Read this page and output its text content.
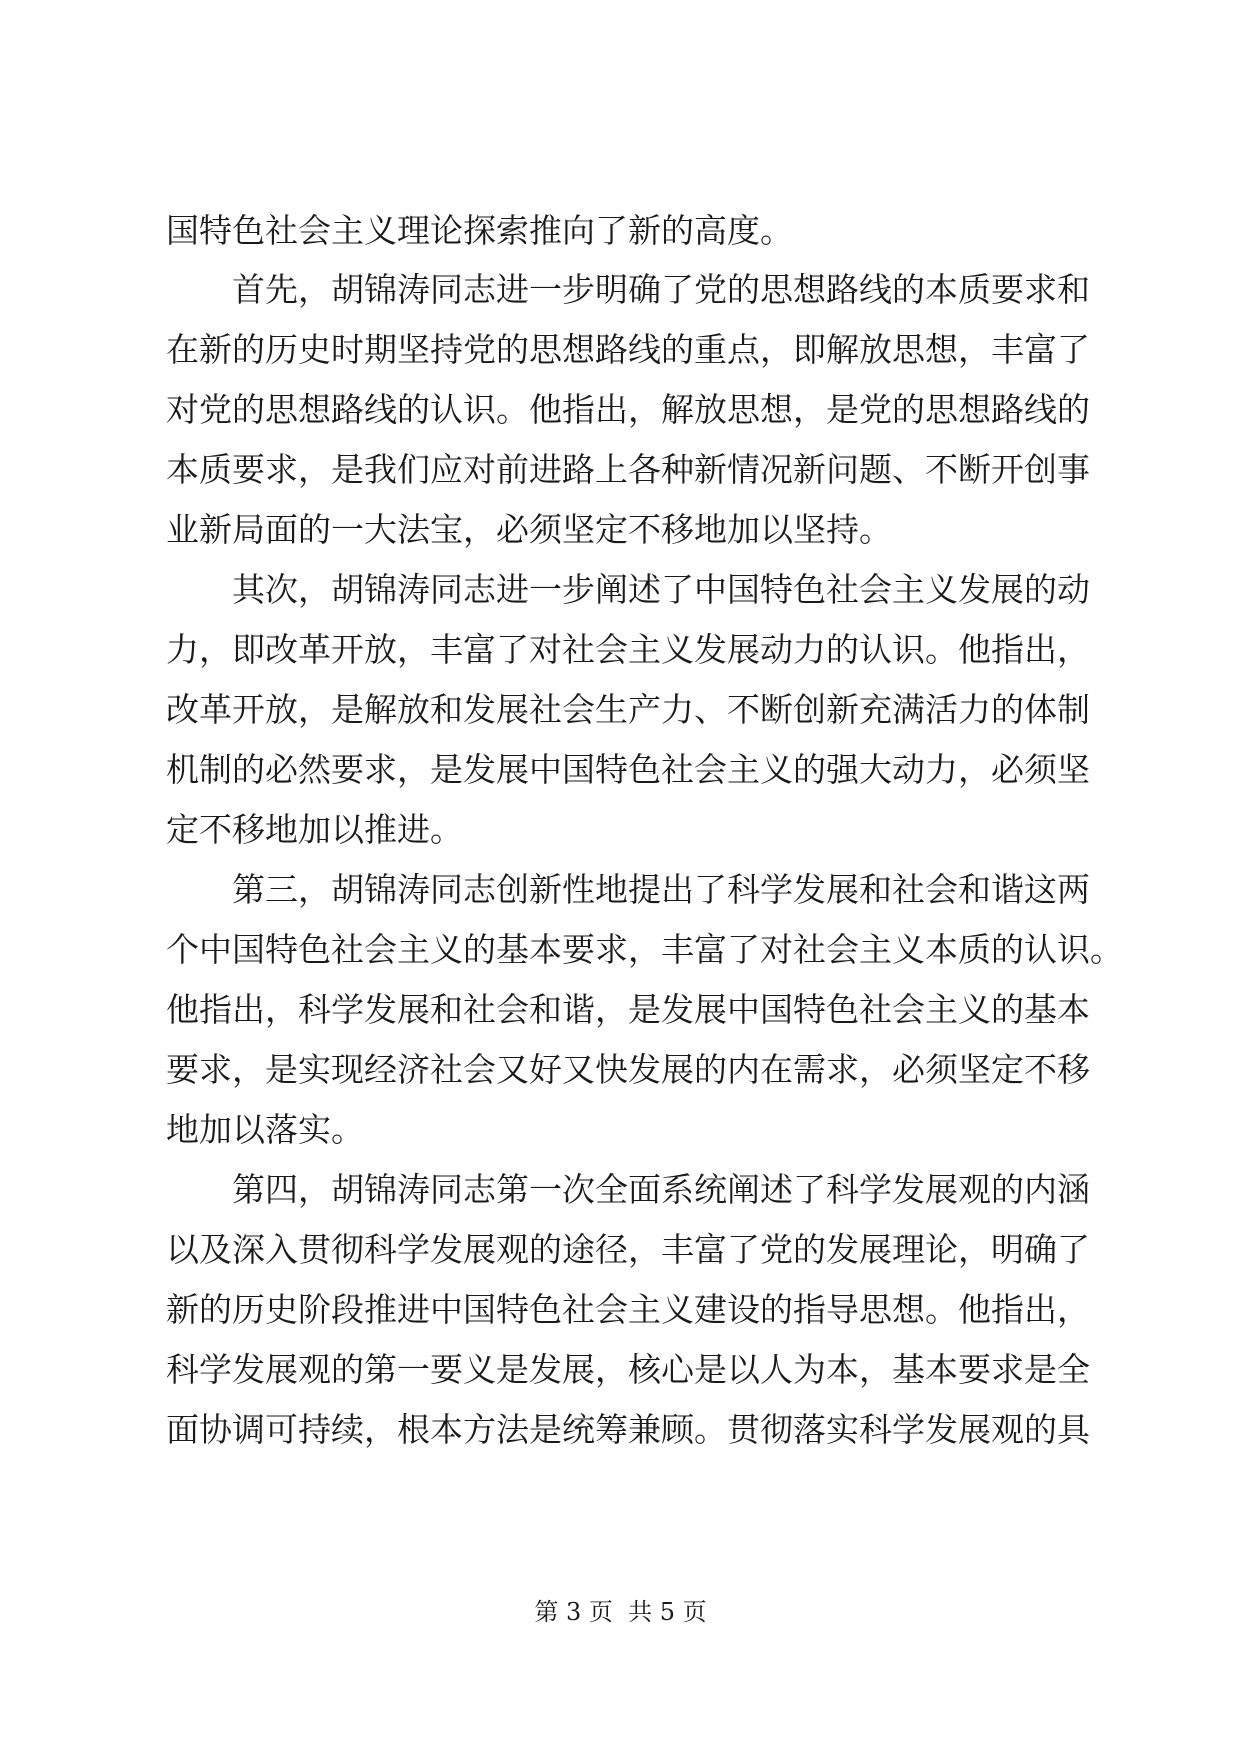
国特色社会主义理论探索推向了新的高度。
首先，胡锦涛同志进一步明确了党的思想路线的本质要求和
在新的历史时期坚持党的思想路线的重点，即解放思想，丰富了
对党的思想路线的认识。他指出，解放思想，是党的思想路线的
本质要求，是我们应对前进路上各种新情况新问题、不断开创事
业新局面的一大法宝，必须坚定不移地加以坚持。
其次，胡锦涛同志进一步阐述了中国特色社会主义发展的动
力，即改革开放，丰富了对社会主义发展动力的认识。他指出，
改革开放，是解放和发展社会生产力、不断创新充满活力的体制
机制的必然要求，是发展中国特色社会主义的强大动力，必须坚
定不移地加以推进。
第三，胡锦涛同志创新性地提出了科学发展和社会和谐这两
个中国特色社会主义的基本要求，丰富了对社会主义本质的认识。
他指出，科学发展和社会和谐，是发展中国特色社会主义的基本
要求，是实现经济社会又好又快发展的内在需求，必须坚定不移
地加以落实。
第四，胡锦涛同志第一次全面系统阐述了科学发展观的内涵
以及深入贯彻科学发展观的途径，丰富了党的发展理论，明确了
新的历史阶段推进中国特色社会主义建设的指导思想。他指出，
科学发展观的第一要义是发展，核心是以人为本，基本要求是全
面协调可持续，根本方法是统筹兼顾。贯彻落实科学发展观的具
第 3 页  共 5 页
